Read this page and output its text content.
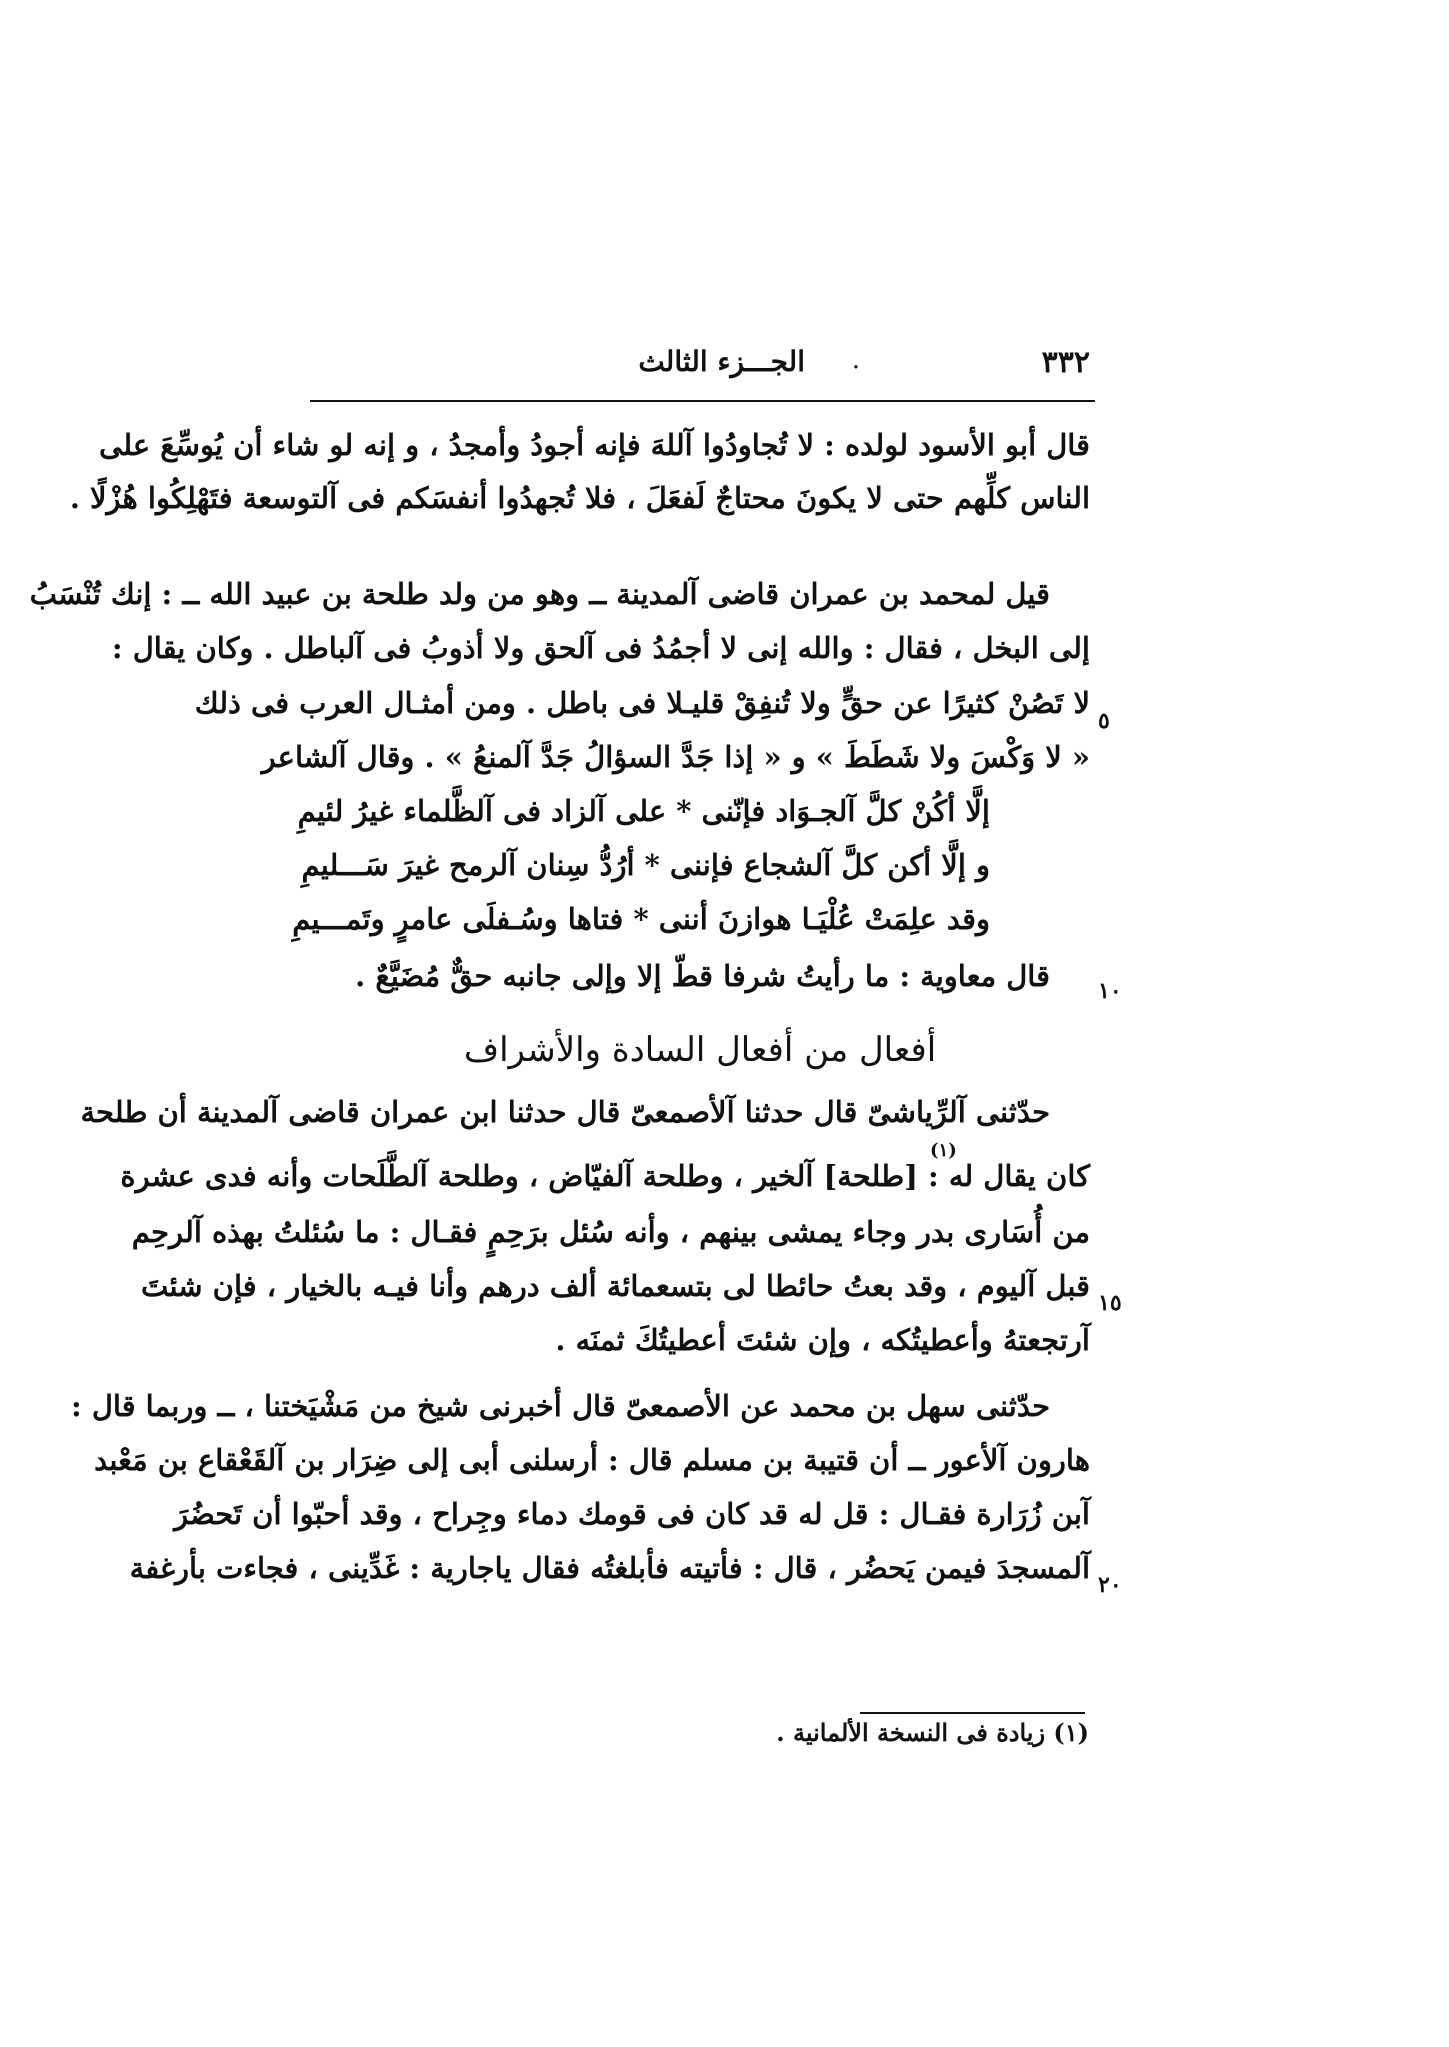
٣٣٢
.
الجـــزء الثالث
قال أبو الأسود لولده : لا تُجاودُوا آللهَ فإنه أجودُ وأمجدُ ، و إنه لو شاء أن يُوسِّعَ على
الناس كلِّهم حتى لا يكونَ محتاجٌ لَفعَلَ ، فلا تُجهدُوا أنفسَكم فى آلتوسعة فتَهْلِكُوا هُزْلًا .
قيل لمحمد بن عمران قاضى آلمدينة ــ وهو من ولد طلحة بن عبيد الله ــ : إنك تُنْسَبُ
إلى البخل ، فقال : والله إنى لا أجمُدُ فى آلحق ولا أذوبُ فى آلباطل . وكان يقال :
لا تَصُنْ كثيرًا عن حقٍّ ولا تُنفِقْ قليـلا فى باطل . ومن أمثـال العرب فى ذلك
« لا وَكْسَ ولا شَطَطَ » و « إذا جَدَّ السؤالُ جَدَّ آلمنعُ » . وقال آلشاعر
إلَّا أكُنْ كلَّ آلجـوَاد فإنّنى * على آلزاد فى آلظَّلماء غيرُ لئيمِ
و إلَّا أكن كلَّ آلشجاع فإننى * أرُدُّ سِنان آلرمح غيرَ سَـــليمِ
وقد علِمَتْ عُلْيَـا هوازنَ أننى * فتاها وسُـفلَى عامرٍ وتَمـــيمِ
قال معاوية : ما رأيتُ شرفا قطّ إلا وإلى جانبه حقٌّ مُضَيَّعٌ .
أفعال من أفعال السادة والأشراف
حدّثنى آلرِّياشىّ قال حدثنا آلأصمعىّ قال حدثنا ابن عمران قاضى آلمدينة أن طلحة
كان يقال له : [طلحة] آلخير ، وطلحة آلفيّاض ، وطلحة آلطَّلَحات وأنه فدى عشرة
من أُسَارى بدر وجاء يمشى بينهم ، وأنه سُئل برَحِمٍ فقـال : ما سُئلتُ بهذه آلرحِم
قبل آليوم ، وقد بعتُ حائطا لى بتسعمائة ألف درهم وأنا فيـه بالخيار ، فإن شئتَ
آرتجعتهُ وأعطيتُكه ، وإن شئتَ أعطيتُكَ ثمنَه .
حدّثنى سهل بن محمد عن الأصمعىّ قال أخبرنى شيخ من مَشْيَختنا ، ــ وربما قال :
هارون آلأعور ــ أن قتيبة بن مسلم قال : أرسلنى أبى إلى ضِرَار بن آلقَعْقاع بن مَعْبد
آبن زُرَارة فقـال : قل له قد كان فى قومك دماء وجِراح ، وقد أحبّوا أن تَحضُرَ
آلمسجدَ فيمن يَحضُر ، قال : فأتيته فأبلغتُه فقال ياجارية : غَدِّينى ، فجاءت بأرغفة
(١)
٥
١٠
١٥
٢٠
(١) زيادة فى النسخة الألمانية .
